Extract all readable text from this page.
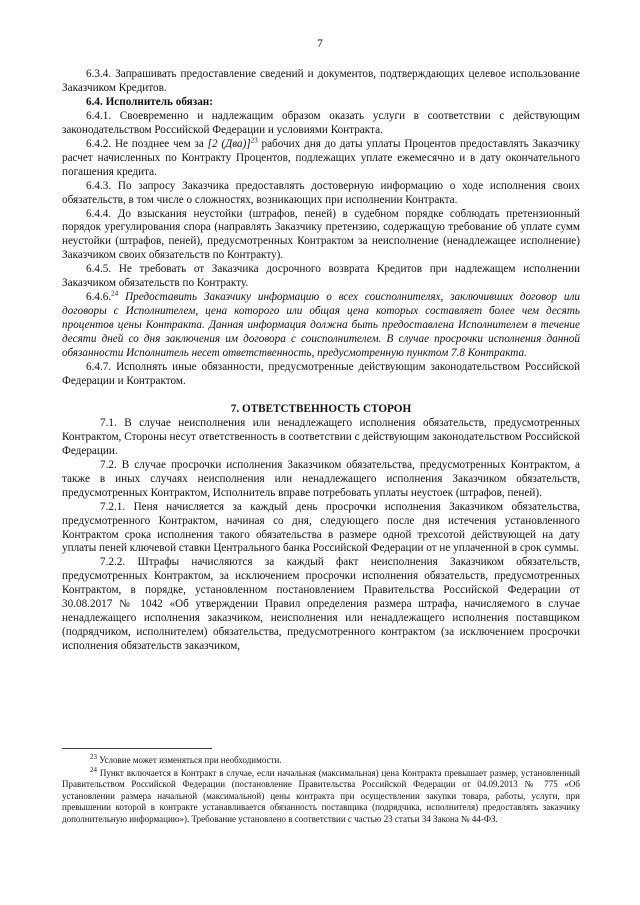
7

6.3.4. Запрашивать предоставление сведений и документов, подтверждающих целевое использование Заказчиком Кредитов.

6.4. Исполнитель обязан:

6.4.1. Своевременно и надлежащим образом оказать услуги в соответствии с действующим законодательством Российской Федерации и условиями Контракта.

6.4.2. Не позднее чем за [2 (Два)]$^{23}$ рабочих дня до даты уплаты Процентов предоставлять Заказчику расчет начисленных по Контракту Процентов, подлежащих уплате ежемесячно и в дату окончательного погашения кредита.

6.4.3. По запросу Заказчика предоставлять достоверную информацию о ходе исполнения своих обязательств, в том числе о сложностях, возникающих при исполнении Контракта.

6.4.4. До взыскания неустойки (штрафов, пеней) в судебном порядке соблюдать претензионный порядок урегулирования спора (направлять Заказчику претензию, содержащую требование об уплате сумм неустойки (штрафов, пеней), предусмотренных Контрактом за неисполнение (ненадлежащее исполнение) Заказчиком своих обязательств по Контракту).

6.4.5. Не требовать от Заказчика досрочного возврата Кредитов при надлежащем исполнении Заказчиком обязательств по Контракту.

6.4.6.24 Предоставить Заказчику информацию о всех соисполнителях, заключивших договор или договоры с Исполнителем, цена которого или общая цена которых составляет более чем десять процентов цены Контракта. Данная информация должна быть предоставлена Исполнителем в течение десяти дней со дня заключения им договора с соисполнителем. В случае просрочки исполнения данной обязанности Исполнитель несет ответственность, предусмотренную пунктом 7.8 Контракта.

6.4.7. Исполнять иные обязанности, предусмотренные действующим законодательством Российской Федерации и Контрактом.

7. ОТВЕТСТВЕННОСТЬ СТОРОН

7.1. В случае неисполнения или ненадлежащего исполнения обязательств, предусмотренных Контрактом, Стороны несут ответственность в соответствии с действующим законодательством Российской Федерации.

7.2. В случае просрочки исполнения Заказчиком обязательства, предусмотренных Контрактом, а также в иных случаях неисполнения или ненадлежащего исполнения Заказчиком обязательств, предусмотренных Контрактом, Исполнитель вправе потребовать уплаты неустоек (штрафов, пеней).

7.2.1. Пеня начисляется за каждый день просрочки исполнения Заказчиком обязательства, предусмотренного Контрактом, начиная со дня, следующего после дня истечения установленного Контрактом срока исполнения такого обязательства в размере одной трехсотой действующей на дату уплаты пеней ключевой ставки Центрального банка Российской Федерации от не уплаченной в срок суммы.

7.2.2. Штрафы начисляются за каждый факт неисполнения Заказчиком обязательств, предусмотренных Контрактом, за исключением просрочки исполнения обязательств, предусмотренных Контрактом, в порядке, установленном постановлением Правительства Российской Федерации от 30.08.2017 № 1042 «Об утверждении Правил определения размера штрафа, начисляемого в случае ненадлежащего исполнения заказчиком, неисполнения или ненадлежащего исполнения поставщиком (подрядчиком, исполнителем) обязательства, предусмотренного контрактом (за исключением просрочки исполнения обязательств заказчиком,

$^{23}$ Условие может изменяться при необходимости.

$^{24}$ Пункт включается в Контракт в случае, если начальная (максимальная) цена Контракта превышает размер, установленный Правительством Российской Федерации (постановление Правительства Российской Федерации от 04.09.2013 № 775 «Об установлении размера начальной (максимальной) цены контракта при осуществлении закупки товара, работы, услуги, при превышении которой в контракте устанавливается обязанность поставщика (подрядчика, исполнителя) предоставлять заказчику дополнительную информацию»). Требование установлено в соответствии с частью 23 статьи 34 Закона № 44-ФЗ.
